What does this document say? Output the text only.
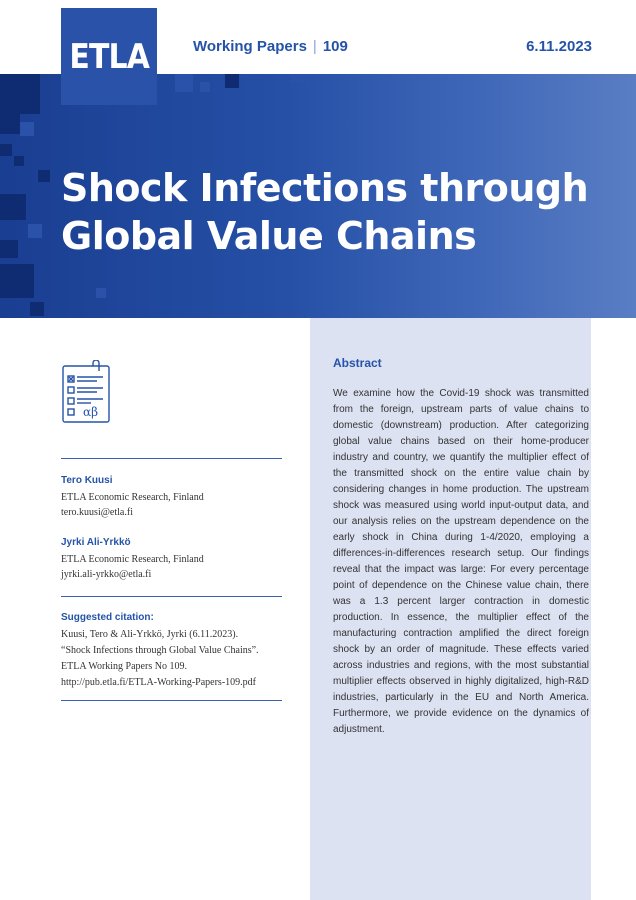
ETLA	Working Papers | 109	6.11.2023
Shock Infections through Global Value Chains
Abstract
We examine how the Covid-19 shock was transmitted from the foreign, upstream parts of value chains to domestic (downstream) production. After categorizing global value chains based on their home-producer industry and country, we quantify the multiplier effect of the transmitted shock on the entire value chain by considering changes in home production. The upstream shock was measured using world input-output data, and our analysis relies on the upstream dependence on the early shock in China during 1-4/2020, employing a differences-in-differences research setup. Our findings reveal that the impact was large: For every percentage point of dependence on the Chinese value chain, there was a 1.3 percent larger contraction in domestic production. In essence, the multiplier effect of the manufacturing contraction amplified the direct foreign shock by an order of magnitude. These effects varied across industries and regions, with the most substantial multiplier effects observed in highly digitalized, high-R&D industries, particularly in the EU and North America. Furthermore, we provide evidence on the dynamics of adjustment.
αβ
Tero Kuusi
ETLA Economic Research, Finland
tero.kuusi@etla.fi
Jyrki Ali-Yrkkö
ETLA Economic Research, Finland
jyrki.ali-yrkko@etla.fi
Suggested citation:
Kuusi, Tero & Ali-Yrkkö, Jyrki (6.11.2023).
“Shock Infections through Global Value Chains”.
ETLA Working Papers No 109.
http://pub.etla.fi/ETLA-Working-Papers-109.pdf
